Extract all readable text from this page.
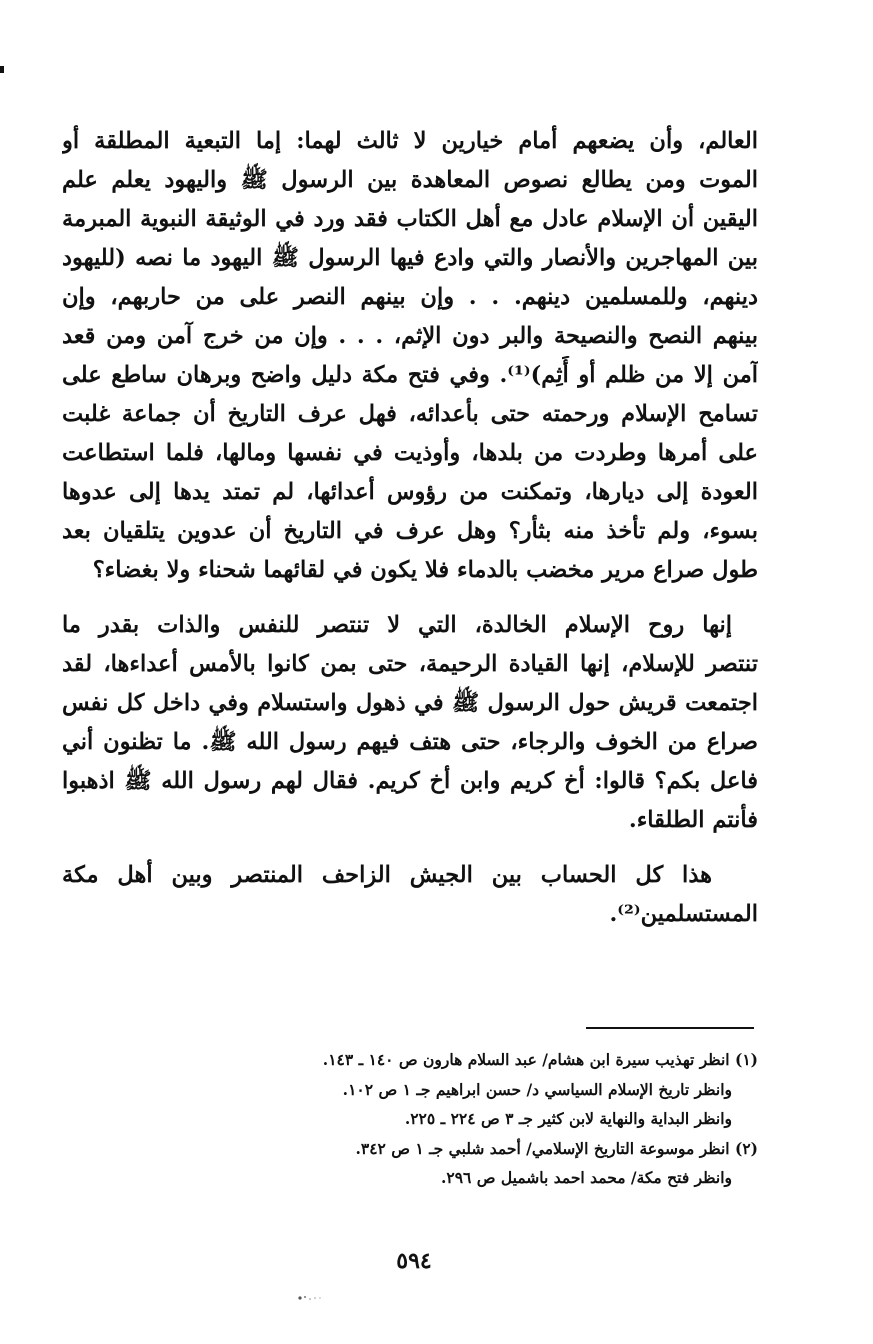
العالم، وأن يضعهم أمام خيارين لا ثالث لهما: إما التبعية المطلقة أو
الموت ومن يطالع نصوص المعاهدة بين الرسول ﷺ واليهود يعلم علم
اليقين أن الإسلام عادل مع أهل الكتاب فقد ورد في الوثيقة النبوية المبرمة
بين المهاجرين والأنصار والتي وادع فيها الرسول ﷺ اليهود ما نصه (لليهود
دينهم، وللمسلمين دينهم. . . وإن بينهم النصر على من حاربهم، وإن
بينهم النصح والنصيحة والبر دون الإثم، . . . وإن من خرج آمن ومن قعد
آمن إلا من ظلم أو أَثِم)⁽¹⁾. وفي فتح مكة دليل واضح وبرهان ساطع على
تسامح الإسلام ورحمته حتى بأعدائه، فهل عرف التاريخ أن جماعة غلبت
على أمرها وطردت من بلدها، وأوذيت في نفسها ومالها، فلما استطاعت
العودة إلى ديارها، وتمكنت من رؤوس أعدائها، لم تمتد يدها إلى عدوها
بسوء، ولم تأخذ منه بثأر؟ وهل عرف في التاريخ أن عدوين يتلقيان بعد
طول صراع مرير مخضب بالدماء فلا يكون في لقائهما شحناء ولا بغضاء؟
إنها روح الإسلام الخالدة، التي لا تنتصر للنفس والذات بقدر ما
تنتصر للإسلام، إنها القيادة الرحيمة، حتى بمن كانوا بالأمس أعداءها، لقد
اجتمعت قريش حول الرسول ﷺ في ذهول واستسلام وفي داخل كل نفس
صراع من الخوف والرجاء، حتى هتف فيهم رسول الله ﷺ. ما تظنون أني
فاعل بكم؟ قالوا: أخ كريم وابن أخ كريم. فقال لهم رسول الله ﷺ اذهبوا
فأنتم الطلقاء.
هذا كل الحساب بين الجيش الزاحف المنتصر وبين أهل مكة
المستسلمين⁽²⁾.
(١) انظر تهذيب سيرة ابن هشام/ عبد السلام هارون ص ١٤٠ ـ ١٤٣.
وانظر تاريخ الإسلام السياسي د/ حسن ابراهيم جـ ١ ص ١٠٢.
وانظر البداية والنهاية لابن كثير جـ ٣ ص ٢٢٤ ـ ٢٢٥.
(٢) انظر موسوعة التاريخ الإسلامي/ أحمد شلبي جـ ١ ص ٣٤٢.
وانظر فتح مكة/ محمد احمد باشميل ص ٢٩٦.
٥٩٤
